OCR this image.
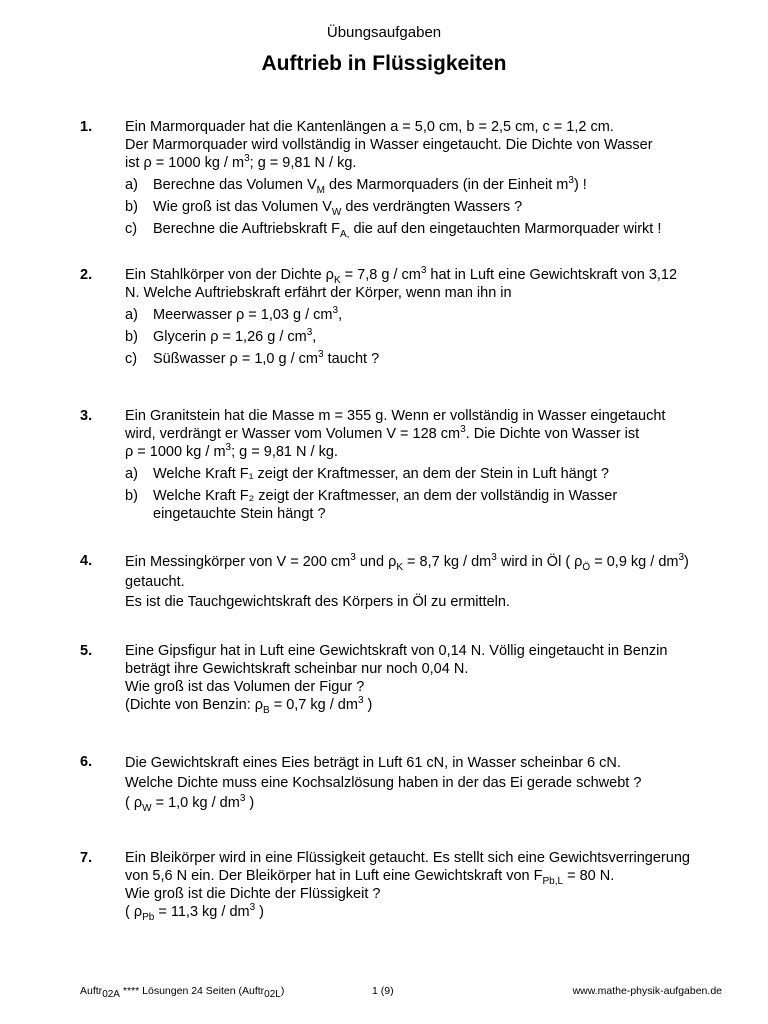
Übungsaufgaben
Auftrieb in Flüssigkeiten
1.	Ein Marmorquader hat die Kantenlängen a = 5,0 cm, b = 2,5 cm, c = 1,2 cm.
Der Marmorquader wird vollständig in Wasser eingetaucht. Die Dichte von Wasser
ist ρ = 1000 kg / $m^3$; g = 9,81 N / kg.
a)	Berechne das Volumen $V_M$ des Marmorquaders (in der Einheit $m^3$) !
b)	Wie groß ist das Volumen $V_W$ des verdrängten Wassers ?
c)	Berechne die Auftriebskraft $F_{A,}$ die auf den eingetauchten Marmorquader wirkt !
2.	Ein Stahlkörper von der Dichte $\rho_K = 7,8$ g / $cm^3$ hat in Luft eine Gewichtskraft von 3,12
N. Welche Auftriebskraft erfährt der Körper, wenn man ihn in
a)	Meerwasser ρ = 1,03 g / $cm^3$,
b)	Glycerin ρ = 1,26 g / $cm^3$,
c)	Süßwasser ρ = 1,0 g / $cm^3$ taucht ?
3.	Ein Granitstein hat die Masse m = 355 g. Wenn er vollständig in Wasser eingetaucht
wird, verdrängt er Wasser vom Volumen V = 128 $cm^3$. Die Dichte von Wasser ist
ρ = 1000 kg / $m^3$; g = 9,81 N / kg.
a)	Welche Kraft F₁ zeigt der Kraftmesser, an dem der Stein in Luft hängt ?
b)	Welche Kraft F₂ zeigt der Kraftmesser, an dem der vollständig in Wasser
eingetauchte Stein hängt ?
4.	Ein Messingkörper von V = 200 $cm^3$ und $\rho_K = 8,7$ kg / $dm^3$ wird in Öl ( $\rho_Ö = 0,9$ kg / $dm^3$)
getaucht.
Es ist die Tauchgewichtskraft des Körpers in Öl zu ermitteln.
5.	Eine Gipsfigur hat in Luft eine Gewichtskraft von 0,14 N. Völlig eingetaucht in Benzin
beträgt ihre Gewichtskraft scheinbar nur noch 0,04 N.
Wie groß ist das Volumen der Figur ?
(Dichte von Benzin: $\rho_B = 0,7$ kg / $dm^3$ )
6.	Die Gewichtskraft eines Eies beträgt in Luft 61 cN, in Wasser scheinbar 6 cN.
Welche Dichte muss eine Kochsalzlösung haben in der das Ei gerade schwebt ?
( $\rho_W = 1,0$ kg / $dm^3$ )
7.	Ein Bleikörper wird in eine Flüssigkeit getaucht. Es stellt sich eine Gewichtsverringerung
von 5,6 N ein. Der Bleikörper hat in Luft eine Gewichtskraft von $F_{Pb,L} = 80$ N.
Wie groß ist die Dichte der Flüssigkeit ?
( $\rho_{Pb} = 11,3$ kg / $dm^3$ )
Auftr$_{02A}$ **** Lösungen 24 Seiten (Auftr$_{02L}$)	1 (9)	www.mathe-physik-aufgaben.de
